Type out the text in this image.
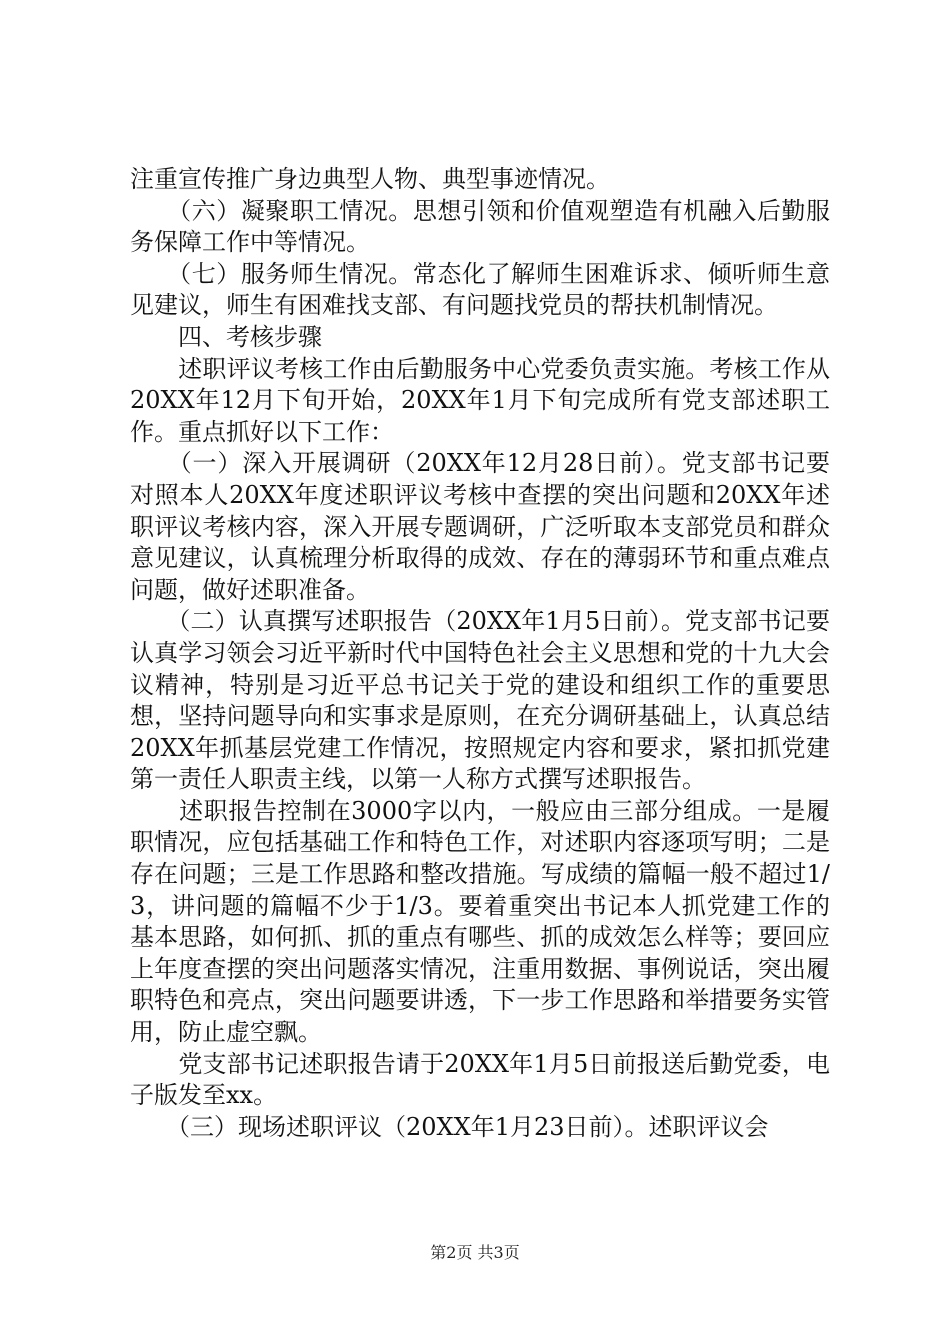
注重宣传推广身边典型人物、典型事迹情况。

　　（六）凝聚职工情况。思想引领和价值观塑造有机融入后勤服务保障工作中等情况。

　　（七）服务师生情况。常态化了解师生困难诉求、倾听师生意见建议，师生有困难找支部、有问题找党员的帮扶机制情况。

　　四、考核步骤

　　述职评议考核工作由后勤服务中心党委负责实施。考核工作从20XX年12月下旬开始，20XX年1月下旬完成所有党支部述职工作。重点抓好以下工作：

　　（一）深入开展调研（20XX年12月28日前）。党支部书记要对照本人20XX年度述职评议考核中查摆的突出问题和20XX年述职评议考核内容，深入开展专题调研，广泛听取本支部党员和群众意见建议，认真梳理分析取得的成效、存在的薄弱环节和重点难点问题，做好述职准备。

　　（二）认真撰写述职报告（20XX年1月5日前）。党支部书记要认真学习领会习近平新时代中国特色社会主义思想和党的十九大会议精神，特别是习近平总书记关于党的建设和组织工作的重要思想，坚持问题导向和实事求是原则，在充分调研基础上，认真总结20XX年抓基层党建工作情况，按照规定内容和要求，紧扣抓党建第一责任人职责主线，以第一人称方式撰写述职报告。

　　述职报告控制在3000字以内，一般应由三部分组成。一是履职情况，应包括基础工作和特色工作，对述职内容逐项写明；二是存在问题；三是工作思路和整改措施。写成绩的篇幅一般不超过1/3，讲问题的篇幅不少于1/3。要着重突出书记本人抓党建工作的基本思路，如何抓、抓的重点有哪些、抓的成效怎么样等；要回应上年度查摆的突出问题落实情况，注重用数据、事例说话，突出履职特色和亮点，突出问题要讲透，下一步工作思路和举措要务实管用，防止虚空飘。

　　党支部书记述职报告请于20XX年1月5日前报送后勤党委，电子版发至xx。

　　（三）现场述职评议（20XX年1月23日前）。述职评议会

第2页 共3页
